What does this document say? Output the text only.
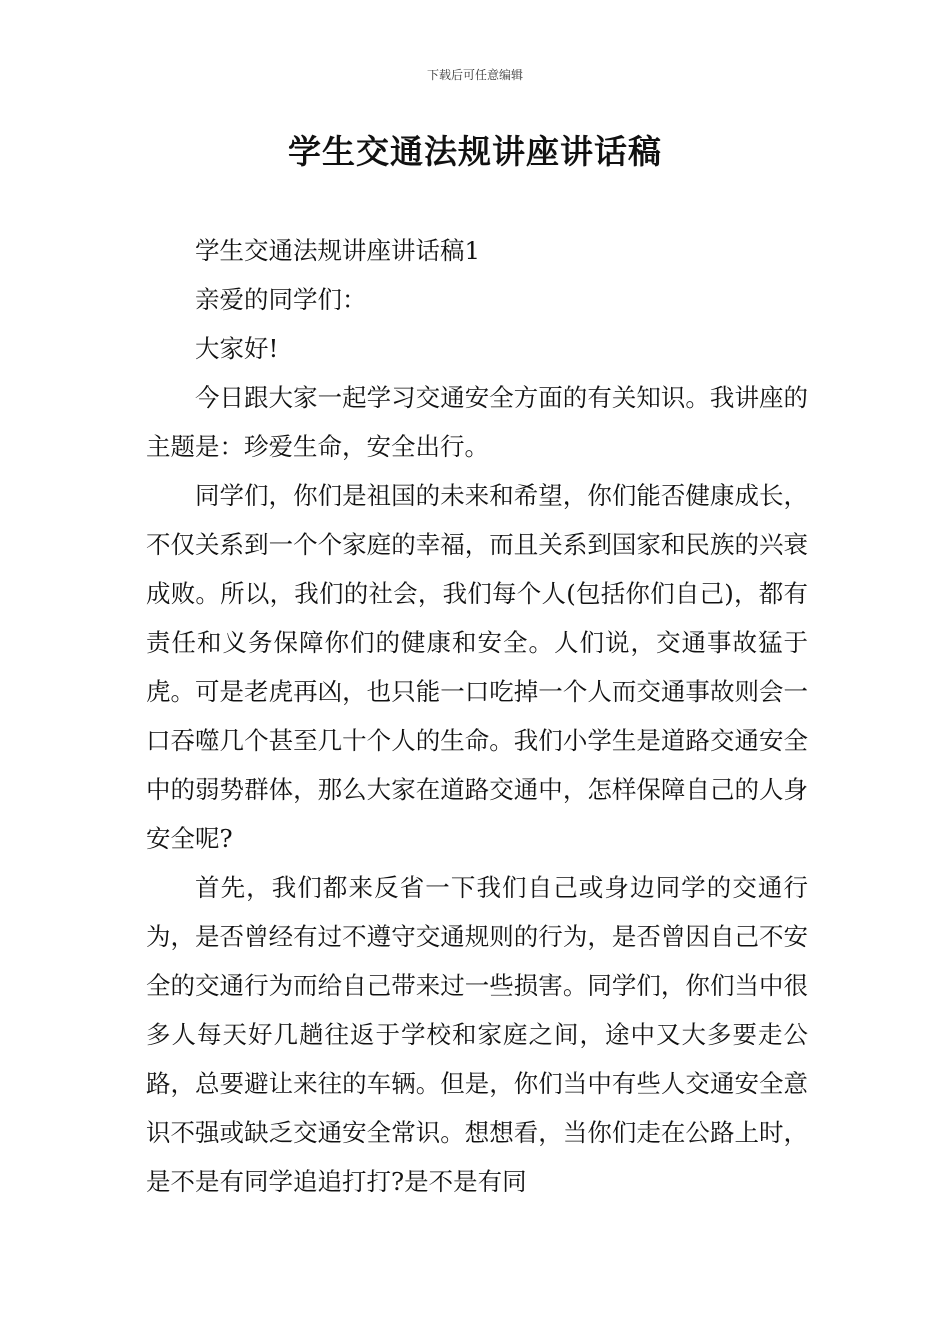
下载后可任意编辑
学生交通法规讲座讲话稿

学生交通法规讲座讲话稿1

亲爱的同学们：

大家好!

今日跟大家一起学习交通安全方面的有关知识。我讲座的主题是：珍爱生命，安全出行。

同学们，你们是祖国的未来和希望，你们能否健康成长，不仅关系到一个个家庭的幸福，而且关系到国家和民族的兴衰成败。所以，我们的社会，我们每个人(包括你们自己)，都有责任和义务保障你们的健康和安全。人们说，交通事故猛于虎。可是老虎再凶，也只能一口吃掉一个人而交通事故则会一口吞噬几个甚至几十个人的生命。我们小学生是道路交通安全中的弱势群体，那么大家在道路交通中，怎样保障自己的人身安全呢?

首先，我们都来反省一下我们自己或身边同学的交通行为，是否曾经有过不遵守交通规则的行为，是否曾因自己不安全的交通行为而给自己带来过一些损害。同学们，你们当中很多人每天好几趟往返于学校和家庭之间，途中又大多要走公路，总要避让来往的车辆。但是，你们当中有些人交通安全意识不强或缺乏交通安全常识。想想看，当你们走在公路上时，是不是有同学追追打打?是不是有同
